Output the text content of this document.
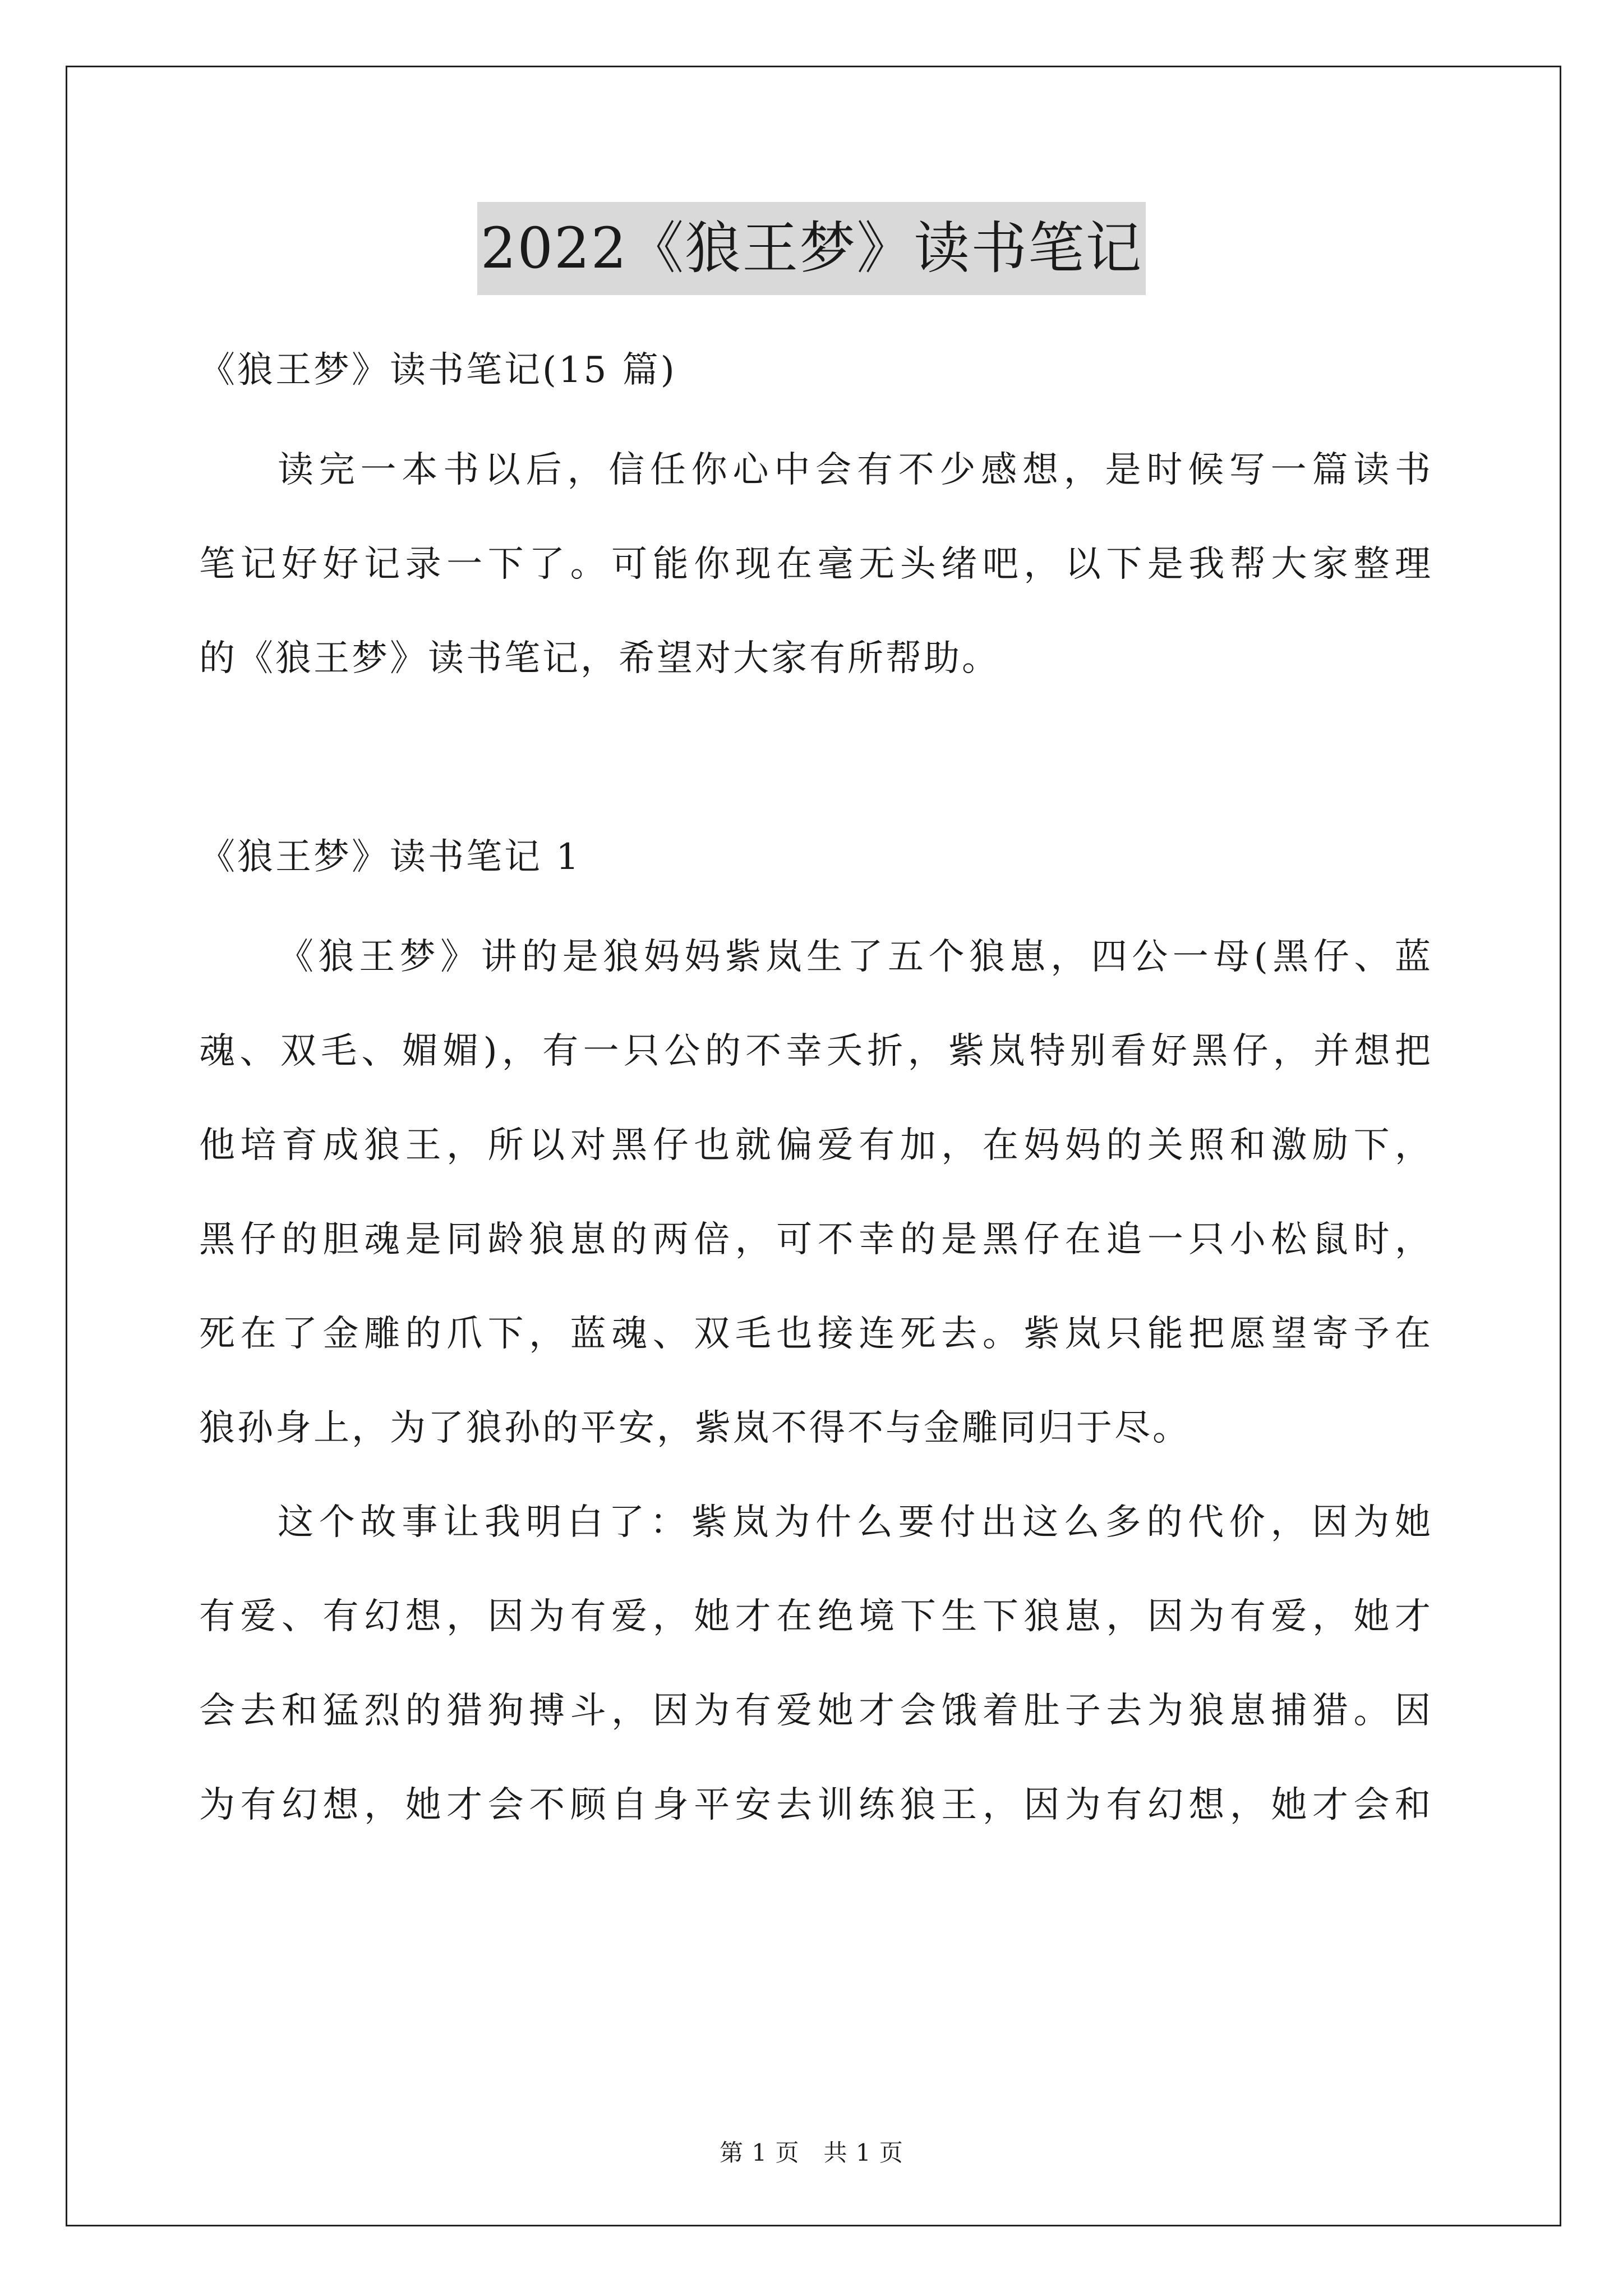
2022《狼王梦》读书笔记
《狼王梦》读书笔记(15 篇)
读完一本书以后，信任你心中会有不少感想，是时候写一篇读书
笔记好好记录一下了。可能你现在毫无头绪吧，以下是我帮大家整理
的《狼王梦》读书笔记，希望对大家有所帮助。
《狼王梦》读书笔记 1
《狼王梦》讲的是狼妈妈紫岚生了五个狼崽，四公一母(黑仔、蓝
魂、双毛、媚媚)，有一只公的不幸夭折，紫岚特别看好黑仔，并想把
他培育成狼王，所以对黑仔也就偏爱有加，在妈妈的关照和激励下，
黑仔的胆魂是同龄狼崽的两倍，可不幸的是黑仔在追一只小松鼠时，
死在了金雕的爪下，蓝魂、双毛也接连死去。紫岚只能把愿望寄予在
狼孙身上，为了狼孙的平安，紫岚不得不与金雕同归于尽。
这个故事让我明白了：紫岚为什么要付出这么多的代价，因为她
有爱、有幻想，因为有爱，她才在绝境下生下狼崽，因为有爱，她才
会去和猛烈的猎狗搏斗，因为有爱她才会饿着肚子去为狼崽捕猎。因
为有幻想，她才会不顾自身平安去训练狼王，因为有幻想，她才会和
第 1 页　共 1 页
